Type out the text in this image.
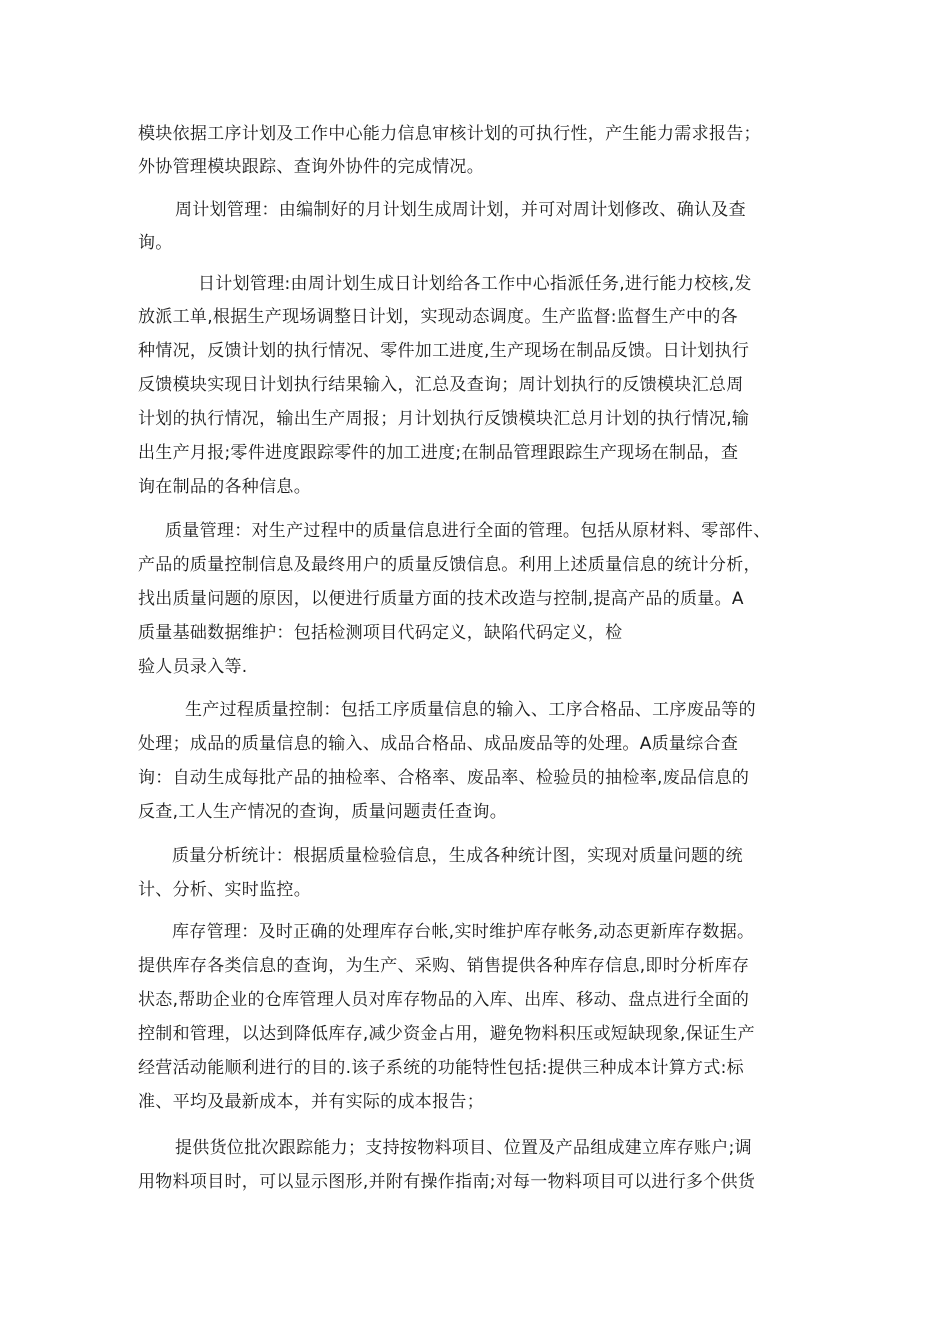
模块依据工序计划及工作中心能力信息审核计划的可执行性，产生能力需求报告；
外协管理模块跟踪、查询外协件的完成情况。
周计划管理：由编制好的月计划生成周计划，并可对周计划修改、确认及查
询。
日计划管理:由周计划生成日计划给各工作中心指派任务,进行能力校核,发
放派工单,根据生产现场调整日计划，实现动态调度。生产监督:监督生产中的各
种情况，反馈计划的执行情况、零件加工进度,生产现场在制品反馈。日计划执行
反馈模块实现日计划执行结果输入，汇总及查询；周计划执行的反馈模块汇总周
计划的执行情况，输出生产周报；月计划执行反馈模块汇总月计划的执行情况,输
出生产月报;零件进度跟踪零件的加工进度;在制品管理跟踪生产现场在制品，查
询在制品的各种信息。
质量管理：对生产过程中的质量信息进行全面的管理。包括从原材料、零部件、
产品的质量控制信息及最终用户的质量反馈信息。利用上述质量信息的统计分析，
找出质量问题的原因，以便进行质量方面的技术改造与控制,提高产品的质量。A
质量基础数据维护：包括检测项目代码定义，缺陷代码定义，检
验人员录入等.
生产过程质量控制：包括工序质量信息的输入、工序合格品、工序废品等的
处理；成品的质量信息的输入、成品合格品、成品废品等的处理。A质量综合查
询：自动生成每批产品的抽检率、合格率、废品率、检验员的抽检率,废品信息的
反查,工人生产情况的查询，质量问题责任查询。
质量分析统计：根据质量检验信息，生成各种统计图，实现对质量问题的统
计、分析、实时监控。
库存管理：及时正确的处理库存台帐,实时维护库存帐务,动态更新库存数据。
提供库存各类信息的查询，为生产、采购、销售提供各种库存信息,即时分析库存
状态,帮助企业的仓库管理人员对库存物品的入库、出库、移动、盘点进行全面的
控制和管理，以达到降低库存,减少资金占用，避免物料积压或短缺现象,保证生产
经营活动能顺利进行的目的.该子系统的功能特性包括:提供三种成本计算方式:标
准、平均及最新成本，并有实际的成本报告；
提供货位批次跟踪能力；支持按物料项目、位置及产品组成建立库存账户;调
用物料项目时，可以显示图形,并附有操作指南;对每一物料项目可以进行多个供货
